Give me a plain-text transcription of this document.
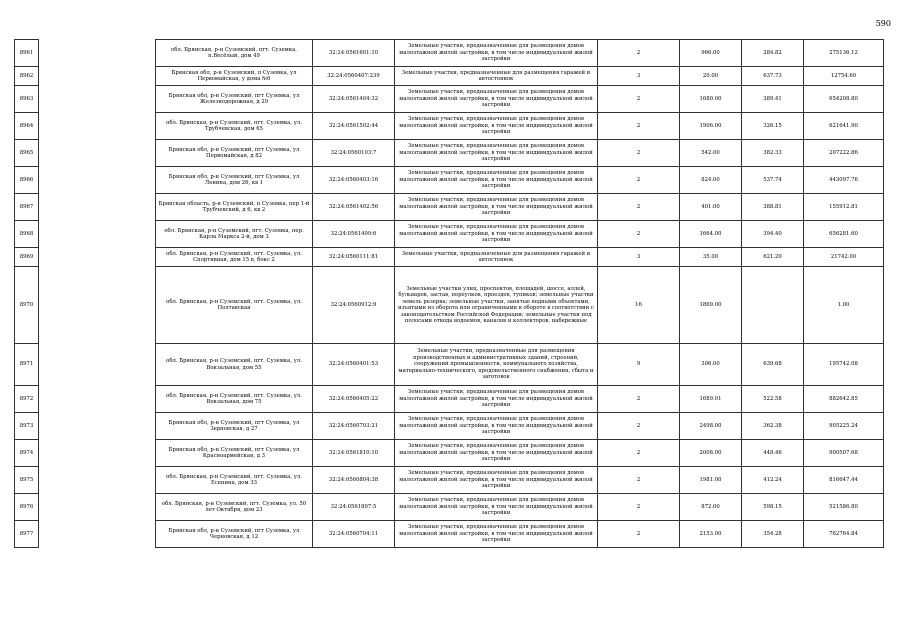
590
8961		обл. Брянская, р-н Суземский, пгт. Суземка, п.Весёлый, дом 49	32:24:0561601:10	Земельные участки, предназначенные для размещения домов малоэтажной жилой застройки, в том числе индивидуальной жилой застройки	2	966.00	284.82	275136.12
8962		Брянская обл, р-н Суземский, п Суземка, ул Первомайская, у дома №6	32:24:0560407:239	Земельные участки, предназначенные для размещения гаражей и автостоянок	3	20.00	637.73	12754.60
8963		Брянская обл, р-н Суземский, пгт Суземка, ул Железнодорожная, д 29	32:24:0561404:32	Земельные участки, предназначенные для размещения домов малоэтажной жилой застройки, в том числе индивидуальной жилой застройки	2	1680.00	389.41	654208.80
8964		обл. Брянская, р-н Суземский, пгт. Суземка, ул. Трубчевская, дом 65	32:24:0561502:44	Земельные участки, предназначенные для размещения домов малоэтажной жилой застройки, в том числе индивидуальной жилой застройки	2	1906.00	326.15	621641.90
8965		Брянская обл, р-н Суземский, пгт Суземка, ул Первомайская, д 82	32:24:0560103:7	Земельные участки, предназначенные для размещения домов малоэтажной жилой застройки, в том числе индивидуальной жилой застройки	2	542.00	382.33	207222.86
8966		Брянская обл, р-н Суземский, пгт Суземка, ул Ленина, дом 26, кв 1	32:24:0560403:16	Земельные участки, предназначенные для размещения домов малоэтажной жилой застройки, в том числе индивидуальной жилой застройки	2	824.00	537.74	443097.76
8967		Брянская область, р-н Суземский, п Суземка, пер 1-й Трубчевский, д 6, кв 2	32:24:0561402:56	Земельные участки, предназначенные для размещения домов малоэтажной жилой застройки, в том числе индивидуальной жилой застройки	2	401.00	388.81	155912.81
8968		обл. Брянская, р-н Суземский, пгт. Суземка, пер. Карла Маркса 2-й, дом 3	32:24:0561409:6	Земельные участки, предназначенные для размещения домов малоэтажной жилой застройки, в том числе индивидуальной жилой застройки	2	1664.00	394.40	656281.60
8969		обл. Брянская, р-н Суземский, пгт. Суземка, ул. Спортивная, дом 15 в, бокс 2	32:24:0560111:81	Земельные участки, предназначенные для размещения гаражей и автостоянок	3	35.00	621.20	21742.00
8970		обл. Брянская, р-н Суземский, пгт. Суземка, ул. Полтавская	32:24:0560912:9	Земельные участки улиц, проспектов, площадей, шоссе, аллей, бульваров, застав, переулков, проездов, тупиков; земельные участки земель резерва; земельные участки, занятые водными объектами, изъятыми из оборота или ограниченными в обороте в соответствии с законодательством Российской Федерации; земельные участки под полосами отвода водоемов, каналов и коллекторов, набережные	16	1869.00		1.00
8971		обл. Брянская, р-н Суземский, пгт. Суземка, ул. Вокзальная, дом 55	32:24:0560401:53	Земельные участки, предназначенные для размещения производственных и административных зданий, строений, сооружений промышленности, коммунального хозяйства, материально-технического, продовольственного снабжения, сбыта и заготовок	9	306.00	639.68	195742.08
8972		обл. Брянская, р-н Суземский, пгт. Суземка, ул. Вокзальная, дом 75	32:24:0560405:22	Земельные участки, предназначенные для размещения домов малоэтажной жилой застройки, в том числе индивидуальной жилой застройки	2	1689.01	522.58	882642.85
8973		Брянская обл, р-н Суземский, пгт Суземка, ул Зерновская, д 27	32:24:0560703:21	Земельные участки, предназначенные для размещения домов малоэтажной жилой застройки, в том числе индивидуальной жилой застройки	2	2498.00	362.38	905225.24
8974		Брянская обл, р-н Суземский, пгт Суземка, ул Красноармейская, д 3	32:24:0561810:10	Земельные участки, предназначенные для размещения домов малоэтажной жилой застройки, в том числе индивидуальной жилой застройки	2	2008.00	448.46	900507.68
8975		обл. Брянская, р-н Суземский, пгт. Суземка, ул. Есенина, дом 33	32:24:0560804:38	Земельные участки, предназначенные для размещения домов малоэтажной жилой застройки, в том числе индивидуальной жилой застройки	2	1981.00	412.24	816647.44
8976		обл. Брянская, р-н Суземский, пгт. Суземка, ул. 50 лет Октября, дом 23	32:24:0561807:5	Земельные участки, предназначенные для размещения домов малоэтажной жилой застройки, в том числе индивидуальной жилой застройки	2	872.00	598.15	521586.80
8977		Брянская обл, р-н Суземский, пгт Суземка, ул Черновская, д 12	32:24:0560704:11	Земельные участки, предназначенные для размещения домов малоэтажной жилой застройки, в том числе индивидуальной жилой застройки	2	2153.00	354.28	762764.84
